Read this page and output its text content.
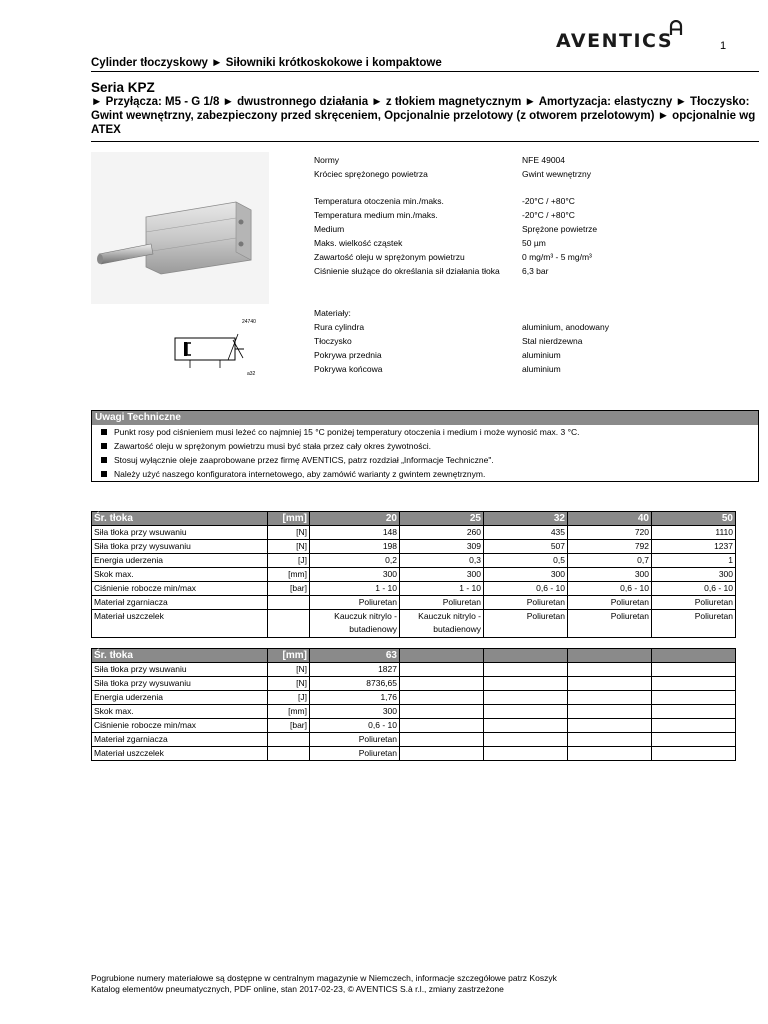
AVENTICS	1
Cylinder tłoczyskowy ► Siłowniki krótkoskokowe i kompaktowe
Seria KPZ
► Przyłącza: M5 - G 1/8 ► dwustronnego działania ► z tłokiem magnetycznym ► Amortyzacja: elastyczny ► Tłoczysko: Gwint wewnętrzny, zabezpieczony przed skręceniem, Opcjonalnie przelotowy (z otworem przelotowym) ► opcjonalnie wg ATEX
24740
a32
Normy	NFE 49004
Króciec sprężonego powietrza	Gwint wewnętrzny
Temperatura otoczenia min./maks.	-20°C / +80°C
Temperatura medium min./maks.	-20°C / +80°C
Medium	Sprężone powietrze
Maks. wielkość cząstek	50 µm
Zawartość oleju w sprężonym powietrzu	0 mg/m³ - 5 mg/m³
Ciśnienie służące do określania sił działania tłoka	6,3 bar
Materiały:
Rura cylindra	aluminium, anodowany
Tłoczysko	Stal nierdzewna
Pokrywa przednia	aluminium
Pokrywa końcowa	aluminium
Uwagi Techniczne
Punkt rosy pod ciśnieniem musi leżeć co najmniej 15 °C poniżej temperatury otoczenia i medium i może wynosić max. 3 °C.
Zawartość oleju w sprężonym powietrzu musi być stała przez cały okres żywotności.
Stosuj wyłącznie oleje zaaprobowane przez firmę AVENTICS, patrz rozdział „Informacje Techniczne".
Należy użyć naszego konfiguratora internetowego, aby zamówić warianty z gwintem zewnętrznym.
Śr. tłoka	[mm]	20	25	32	40	50
Siła tłoka przy wsuwaniu	[N]	148	260	435	720	1110
Siła tłoka przy wysuwaniu	[N]	198	309	507	792	1237
Energia uderzenia	[J]	0,2	0,3	0,5	0,7	1
Skok max.	[mm]	300	300	300	300	300
Ciśnienie robocze min/max	[bar]	1 - 10	1 - 10	0,6 - 10	0,6 - 10	0,6 - 10
Materiał zgarniacza		Poliuretan	Poliuretan	Poliuretan	Poliuretan	Poliuretan
Materiał uszczelek		Kauczuk nitrylo -butadienowy	Kauczuk nitrylo -butadienowy	Poliuretan	Poliuretan	Poliuretan
Śr. tłoka	[mm]	63				
Siła tłoka przy wsuwaniu	[N]	1827				
Siła tłoka przy wysuwaniu	[N]	8736,65				
Energia uderzenia	[J]	1,76				
Skok max.	[mm]	300				
Ciśnienie robocze min/max	[bar]	0,6 - 10				
Materiał zgarniacza		Poliuretan				
Materiał uszczelek		Poliuretan				
Pogrubione numery materiałowe są dostępne w centralnym magazynie w Niemczech, informacje szczegółowe patrz Koszyk
Katalog elementów pneumatycznych, PDF online, stan 2017-02-23, © AVENTICS S.à r.l., zmiany zastrzeżone
